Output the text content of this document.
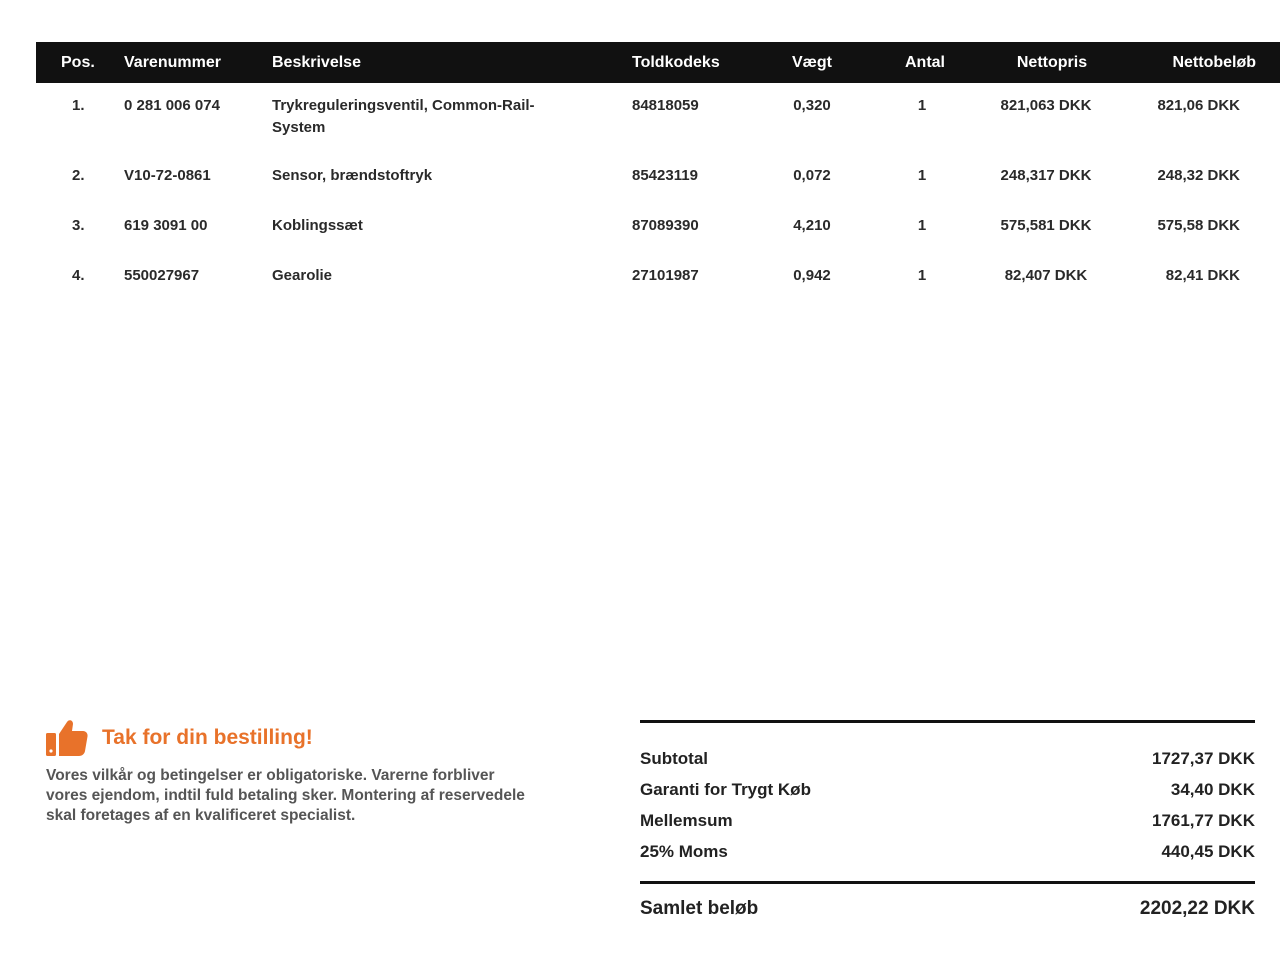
Pos.	Varenummer	Beskrivelse	Toldkodeks	Vægt	Antal	Nettopris	Nettobeløb
1.	0 281 006 074	Trykreguleringsventil, Common-Rail-System	84818059	0,320	1	821,063 DKK	821,06 DKK
2.	V10-72-0861	Sensor, brændstoftryk	85423119	0,072	1	248,317 DKK	248,32 DKK
3.	619 3091 00	Koblingssæt	87089390	4,210	1	575,581 DKK	575,58 DKK
4.	550027967	Gearolie	27101987	0,942	1	82,407 DKK	82,41 DKK
Tak for din bestilling!
Vores vilkår og betingelser er obligatoriske. Varerne forbliver vores ejendom, indtil fuld betaling sker. Montering af reservedele skal foretages af en kvalificeret specialist.
Subtotal	1727,37 DKK
Garanti for Trygt Køb	34,40 DKK
Mellemsum	1761,77 DKK
25% Moms	440,45 DKK
Samlet beløb	2202,22 DKK
